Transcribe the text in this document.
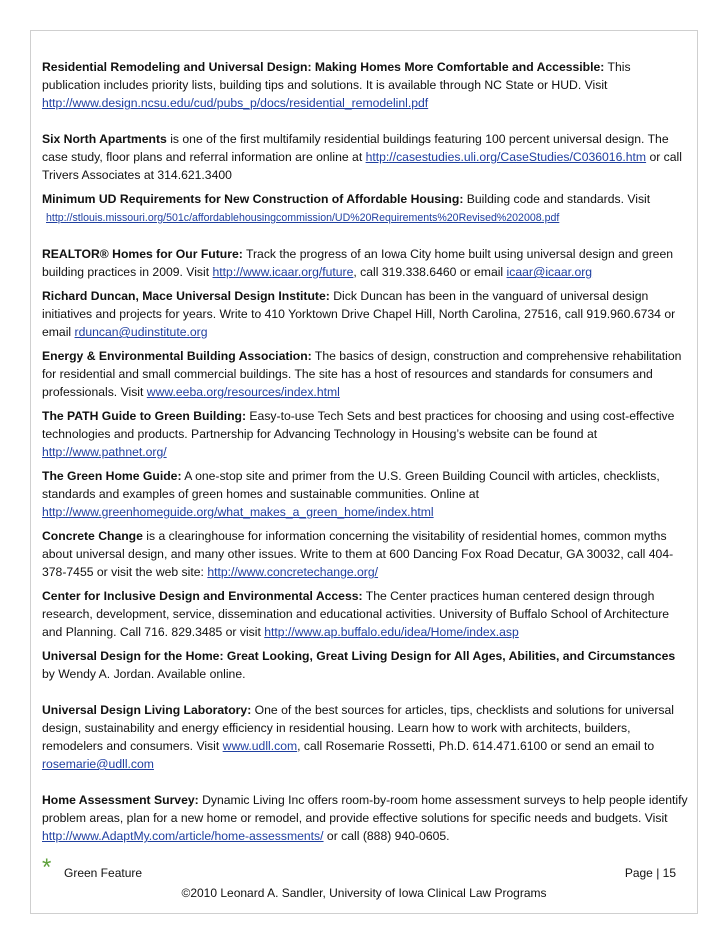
Residential Remodeling and Universal Design: Making Homes More Comfortable and Accessible: This publication includes priority lists, building tips and solutions. It is available through NC State or HUD. Visit http://www.design.ncsu.edu/cud/pubs_p/docs/residential_remodelinl.pdf

Six North Apartments is one of the first multifamily residential buildings featuring 100 percent universal design. The case study, floor plans and referral information are online at http://casestudies.uli.org/CaseStudies/C036016.htm or call Trivers Associates at 314.621.3400

Minimum UD Requirements for New Construction of Affordable Housing: Building code and standards. Visit
http://stlouis.missouri.org/501c/affordablehousingcommission/UD%20Requirements%20Revised%202008.pdf

REALTOR® Homes for Our Future: Track the progress of an Iowa City home built using universal design and green building practices in 2009. Visit http://www.icaar.org/future, call 319.338.6460 or email icaar@icaar.org

Richard Duncan, Mace Universal Design Institute: Dick Duncan has been in the vanguard of universal design initiatives and projects for years. Write to 410 Yorktown Drive Chapel Hill, North Carolina, 27516, call 919.960.6734 or email rduncan@udinstitute.org

Energy & Environmental Building Association: The basics of design, construction and comprehensive rehabilitation for residential and small commercial buildings. The site has a host of resources and standards for consumers and professionals. Visit www.eeba.org/resources/index.html

The PATH Guide to Green Building: Easy-to-use Tech Sets and best practices for choosing and using cost-effective technologies and products. Partnership for Advancing Technology in Housing’s website can be found at http://www.pathnet.org/

The Green Home Guide: A one-stop site and primer from the U.S. Green Building Council with articles, checklists, standards and examples of green homes and sustainable communities. Online at http://www.greenhomeguide.org/what_makes_a_green_home/index.html

Concrete Change is a clearinghouse for information concerning the visitability of residential homes, common myths about universal design, and many other issues. Write to them at 600 Dancing Fox Road Decatur, GA 30032, call 404-378-7455 or visit the web site: http://www.concretechange.org/

Center for Inclusive Design and Environmental Access: The Center practices human centered design through research, development, service, dissemination and educational activities. University of Buffalo School of Architecture and Planning. Call 716. 829.3485 or visit http://www.ap.buffalo.edu/idea/Home/index.asp

Universal Design for the Home: Great Looking, Great Living Design for All Ages, Abilities, and Circumstances by Wendy A. Jordan. Available online.

Universal Design Living Laboratory: One of the best sources for articles, tips, checklists and solutions for universal design, sustainability and energy efficiency in residential housing. Learn how to work with architects, builders, remodelers and consumers. Visit www.udll.com, call Rosemarie Rossetti, Ph.D. 614.471.6100 or send an email to rosemarie@udll.com

Home Assessment Survey: Dynamic Living Inc offers room-by-room home assessment surveys to help people identify problem areas, plan for a new home or remodel, and provide effective solutions for specific needs and budgets. Visit http://www.AdaptMy.com/article/home-assessments/ or call (888) 940-0605.

* Green Feature	Page | 15
©2010 Leonard A. Sandler, University of Iowa Clinical Law Programs
